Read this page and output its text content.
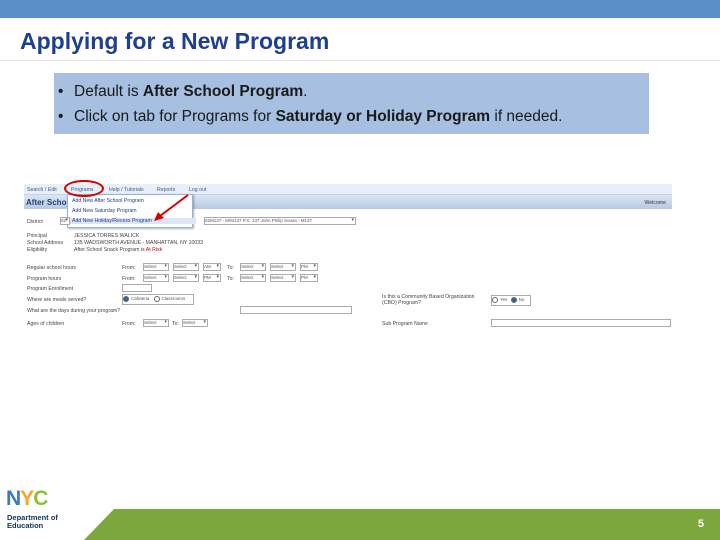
Applying for a New Program
• Default is After School Program.
• Click on tab for Programs for Saturday or Holiday Program if needed.
Search / Edit	Programs	Help / Tutorials	Reports	Log out
After Scho	Welcome
Add New After School Program
Add New Saturday Program
Add New Holiday/Recess Program
District	02 ▾	02M137 - M/M137 P.S. 137 John Philip Sousa - M137 ▾
Principal	JESSICA TORRES WALICK
School Address 135 WADSWORTH AVENUE - MANHATTAN, NY 10033
Eligibility	After School Snack Program is At Risk
Regular school hours	From: Select ▾	Select ▾	AM ▾	To: Select ▾	Select ▾	PM ▾
Program hours	From: Select ▾	Select ▾	PM ▾	To: Select ▾	Select ▾	PM ▾
Program Enrollment
Where are meals served?	Cafeteria	Classrooms
What are the days during your program?
Ages of children	From: Select ▾	To: Select ▾
Is this a Community Based Organization
(CBO) Program?
Yes	No
Sub Program Name
5
NYC
Department of
Education
